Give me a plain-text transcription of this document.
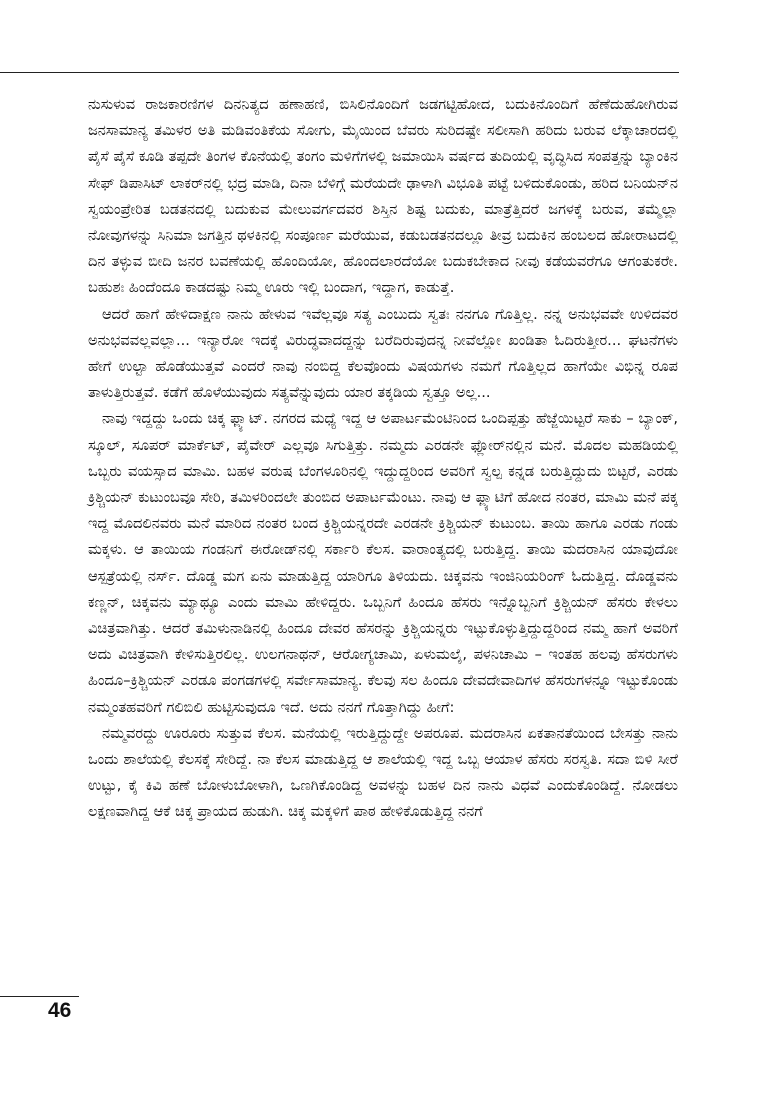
ನುಸುಳುವ ರಾಜಕಾರಣಿಗಳ ದಿನನಿತ್ಯದ ಹಣಾಹಣಿ, ಬಿಸಿಲಿನೊಂದಿಗೆ ಜಡಗಟ್ಟಿಹೋದ, ಬದುಕಿನೊಂದಿಗೆ ಹೆಣೆದುಹೋಗಿರುವ ಜನಸಾಮಾನ್ಯ ತಮಿಳರ ಅತಿ ಮಡಿವಂತಿಕೆಯ ಸೋಗು, ಮೈಯಿಂದ ಬೆವರು ಸುರಿದಷ್ಟೇ ಸಲೀಸಾಗಿ ಹರಿದು ಬರುವ ಲೆಕ್ಕಾಚಾರದಲ್ಲಿ ಪೈಸೆ ಪೈಸೆ ಕೂಡಿ ತಪ್ಪದೇ ತಿಂಗಳ ಕೊನೆಯಲ್ಲಿ ತಂಗಂ ಮಳಿಗೆಗಳಲ್ಲಿ ಜಮಾಯಿಸಿ ವರ್ಷದ ತುದಿಯಲ್ಲಿ ವೃದ್ಧಿಸಿದ ಸಂಪತ್ತನ್ನು ಬ್ಯಾಂಕಿನ ಸೇಫ್ ಡಿಪಾಸಿಟ್ ಲಾಕರ್‌ನಲ್ಲಿ ಭದ್ರ ಮಾಡಿ, ದಿನಾ ಬೆಳಿಗ್ಗೆ ಮರೆಯದೇ ಢಾಳಾಗಿ ವಿಭೂತಿ ಪಟ್ಟೆ ಬಳಿದುಕೊಂಡು, ಹರಿದ ಬನಿಯನ್‌ನ ಸ್ವಯಂಪ್ರೇರಿತ ಬಡತನದಲ್ಲಿ ಬದುಕುವ ಮೇಲುವರ್ಗದವರ ಶಿಸ್ತಿನ ಶಿಷ್ಟ ಬದುಕು, ಮಾತ್ರೆತ್ತಿದರೆ ಜಗಳಕ್ಕೆ ಬರುವ, ತಮ್ಮೆಲ್ಲಾ ನೋವುಗಳನ್ನು ಸಿನಿಮಾ ಜಗತ್ತಿನ ಥಳಕಿನಲ್ಲಿ ಸಂಪೂರ್ಣ ಮರೆಯುವ, ಕಡುಬಡತನದಲ್ಲೂ ತೀವ್ರ ಬದುಕಿನ ಹಂಬಲದ ಹೋರಾಟದಲ್ಲಿ ದಿನ ತಳ್ಳುವ ಬೀದಿ ಜನರ ಬವಣೆಯಲ್ಲಿ ಹೊಂದಿಯೋ, ಹೊಂದಲಾರದೆಯೋ ಬದುಕಬೇಕಾದ ನೀವು ಕಡೆಯವರೆಗೂ ಆಗಂತುಕರೇ. ಬಹುಶಃ ಹಿಂದೆಂದೂ ಕಾಡದಷ್ಟು ನಿಮ್ಮ ಊರು ಇಲ್ಲಿ ಬಂದಾಗ, ಇದ್ದಾಗ, ಕಾಡುತ್ತೆ.

ಆದರೆ ಹಾಗೆ ಹೇಳಿದಾಕ್ಷಣ ನಾನು ಹೇಳುವ ಇವೆಲ್ಲವೂ ಸತ್ಯ ಎಂಬುದು ಸ್ವತಃ ನನಗೂ ಗೊತ್ತಿಲ್ಲ. ನನ್ನ ಅನುಭವವೇ ಉಳಿದವರ ಅನುಭವವಲ್ಲವಲ್ಲಾ... ಇನ್ಯಾರೋ ಇದಕ್ಕೆ ವಿರುದ್ಧವಾದದ್ದನ್ನು ಬರೆದಿರುವುದನ್ನ ನೀವೆಲ್ಲೋ ಖಂಡಿತಾ ಓದಿರುತ್ತೀರ... ಘಟನೆಗಳು ಹೇಗೆ ಉಲ್ಟಾ ಹೊಡೆಯುತ್ತವೆ ಎಂದರೆ ನಾವು ನಂಬಿದ್ದ ಕೆಲವೊಂದು ವಿಷಯಗಳು ನಮಗೆ ಗೊತ್ತಿಲ್ಲದ ಹಾಗೆಯೇ ವಿಭಿನ್ನ ರೂಪ ತಾಳುತ್ತಿರುತ್ತವೆ. ಕಡೆಗೆ ಹೊಳೆಯುವುದು ಸತ್ಯವೆನ್ನುವುದು ಯಾರ ತಕ್ಕಡಿಯ ಸ್ವತ್ತೂ ಅಲ್ಲ...

ನಾವು ಇದ್ದದ್ದು ಒಂದು ಚಿಕ್ಕ ಫ್ಲ್ಯಾಟ್. ನಗರದ ಮಧ್ಯೆ ಇದ್ದ ಆ ಅಪಾರ್ಟಮೆಂಟಿನಿಂದ ಒಂದಿಪ್ಪತ್ತು ಹೆಜ್ಜೆಯಿಟ್ಟರೆ ಸಾಕು – ಬ್ಯಾಂಕ್, ಸ್ಕೂಲ್, ಸೂಪರ್ ಮಾರ್ಕೆಟ್, ಪೈವೇರ್ ಎಲ್ಲವೂ ಸಿಗುತ್ತಿತ್ತು. ನಮ್ಮದು ಎರಡನೇ ಫ್ಲೋರ್‌ನಲ್ಲಿನ ಮನೆ. ಮೊದಲ ಮಹಡಿಯಲ್ಲಿ ಒಬ್ಬರು ವಯಸ್ಸಾದ ಮಾಮಿ. ಬಹಳ ವರುಷ ಬೆಂಗಳೂರಿನಲ್ಲಿ ಇದ್ದುದ್ದರಿಂದ ಅವರಿಗೆ ಸ್ವಲ್ಪ ಕನ್ನಡ ಬರುತ್ತಿದ್ದುದು ಬಿಟ್ಟರೆ, ಎರಡು ಕ್ರಿಶ್ಚಿಯನ್ ಕುಟುಂಬವೂ ಸೇರಿ, ತಮಿಳರಿಂದಲೇ ತುಂಬಿದ ಅಪಾರ್ಟಮೆಂಟು. ನಾವು ಆ ಫ್ಲ್ಯಾಟಿಗೆ ಹೋದ ನಂತರ, ಮಾಮಿ ಮನೆ ಪಕ್ಕ ಇದ್ದ ಮೊದಲಿನವರು ಮನೆ ಮಾರಿದ ನಂತರ ಬಂದ ಕ್ರಿಶ್ಚಿಯನ್ನರದೇ ಎರಡನೇ ಕ್ರಿಶ್ಚಿಯನ್ ಕುಟುಂಬ. ತಾಯಿ ಹಾಗೂ ಎರಡು ಗಂಡು ಮಕ್ಕಳು. ಆ ತಾಯಿಯ ಗಂಡನಿಗೆ ಈರೋಡ್‌ನಲ್ಲಿ ಸರ್ಕಾರಿ ಕೆಲಸ. ವಾರಾಂತ್ಯದಲ್ಲಿ ಬರುತ್ತಿದ್ದ. ತಾಯಿ ಮದರಾಸಿನ ಯಾವುದೋ ಆಸ್ಪತ್ರೆಯಲ್ಲಿ ನರ್ಸ್. ದೊಡ್ಡ ಮಗ ಏನು ಮಾಡುತ್ತಿದ್ದ ಯಾರಿಗೂ ತಿಳಿಯದು. ಚಿಕ್ಕವನು ಇಂಜಿನಿಯರಿಂಗ್ ಓದುತ್ತಿದ್ದ. ದೊಡ್ಡವನು ಕಣ್ಣನ್, ಚಿಕ್ಕವನು ಮ್ಯಾಥ್ಯೂ ಎಂದು ಮಾಮಿ ಹೇಳಿದ್ದರು. ಒಬ್ಬನಿಗೆ ಹಿಂದೂ ಹೆಸರು ಇನ್ನೊಬ್ಬನಿಗೆ ಕ್ರಿಶ್ಚಿಯನ್ ಹೆಸರು ಕೇಳಲು ವಿಚಿತ್ರವಾಗಿತ್ತು. ಆದರೆ ತಮಿಳುನಾಡಿನಲ್ಲಿ ಹಿಂದೂ ದೇವರ ಹೆಸರನ್ನು ಕ್ರಿಶ್ಚಿಯನ್ನರು ಇಟ್ಟುಕೊಳ್ಳುತ್ತಿದ್ದುದ್ದರಿಂದ ನಮ್ಮ ಹಾಗೆ ಅವರಿಗೆ ಅದು ವಿಚಿತ್ರವಾಗಿ ಕೇಳಿಸುತ್ತಿರಲಿಲ್ಲ. ಉಲಗನಾಥನ್, ಆರೋಗ್ಯಚಾಮಿ, ಏಳುಮಲೈ, ಪಳನಿಚಾಮಿ – ಇಂತಹ ಹಲವು ಹೆಸರುಗಳು ಹಿಂದೂ–ಕ್ರಿಶ್ಚಿಯನ್ ಎರಡೂ ಪಂಗಡಗಳಲ್ಲಿ ಸರ್ವೇಸಾಮಾನ್ಯ. ಕೆಲವು ಸಲ ಹಿಂದೂ ದೇವದೇವಾದಿಗಳ ಹೆಸರುಗಳನ್ನೂ ಇಟ್ಟುಕೊಂಡು ನಮ್ಮಂತಹವರಿಗೆ ಗಲಿಬಿಲಿ ಹುಟ್ಟಿಸುವುದೂ ಇದೆ. ಅದು ನನಗೆ ಗೊತ್ತಾಗಿದ್ದು ಹೀಗೆ:

ನಮ್ಮವರದ್ದು ಊರೂರು ಸುತ್ತುವ ಕೆಲಸ. ಮನೆಯಲ್ಲಿ ಇರುತ್ತಿದ್ದುದ್ದೇ ಅಪರೂಪ. ಮದರಾಸಿನ ಏಕತಾನತೆಯಿಂದ ಬೇಸತ್ತು ನಾನು ಒಂದು ಶಾಲೆಯಲ್ಲಿ ಕೆಲಸಕ್ಕೆ ಸೇರಿದ್ದೆ. ನಾ ಕೆಲಸ ಮಾಡುತ್ತಿದ್ದ ಆ ಶಾಲೆಯಲ್ಲಿ ಇದ್ದ ಒಬ್ಬ ಆಯಾಳ ಹೆಸರು ಸರಸ್ವತಿ. ಸದಾ ಬಿಳಿ ಸೀರೆ ಉಟ್ಟು, ಕೈ ಕಿವಿ ಹಣೆ ಬೋಳುಬೋಳಾಗಿ, ಒಣಗಿಕೊಂಡಿದ್ದ ಅವಳನ್ನು ಬಹಳ ದಿನ ನಾನು ವಿಧವೆ ಎಂದುಕೊಂಡಿದ್ದೆ. ನೋಡಲು ಲಕ್ಷಣವಾಗಿದ್ದ ಆಕೆ ಚಿಕ್ಕ ಪ್ರಾಯದ ಹುಡುಗಿ. ಚಿಕ್ಕ ಮಕ್ಕಳಿಗೆ ಪಾಠ ಹೇಳಿಕೊಡುತ್ತಿದ್ದ ನನಗೆ

46
